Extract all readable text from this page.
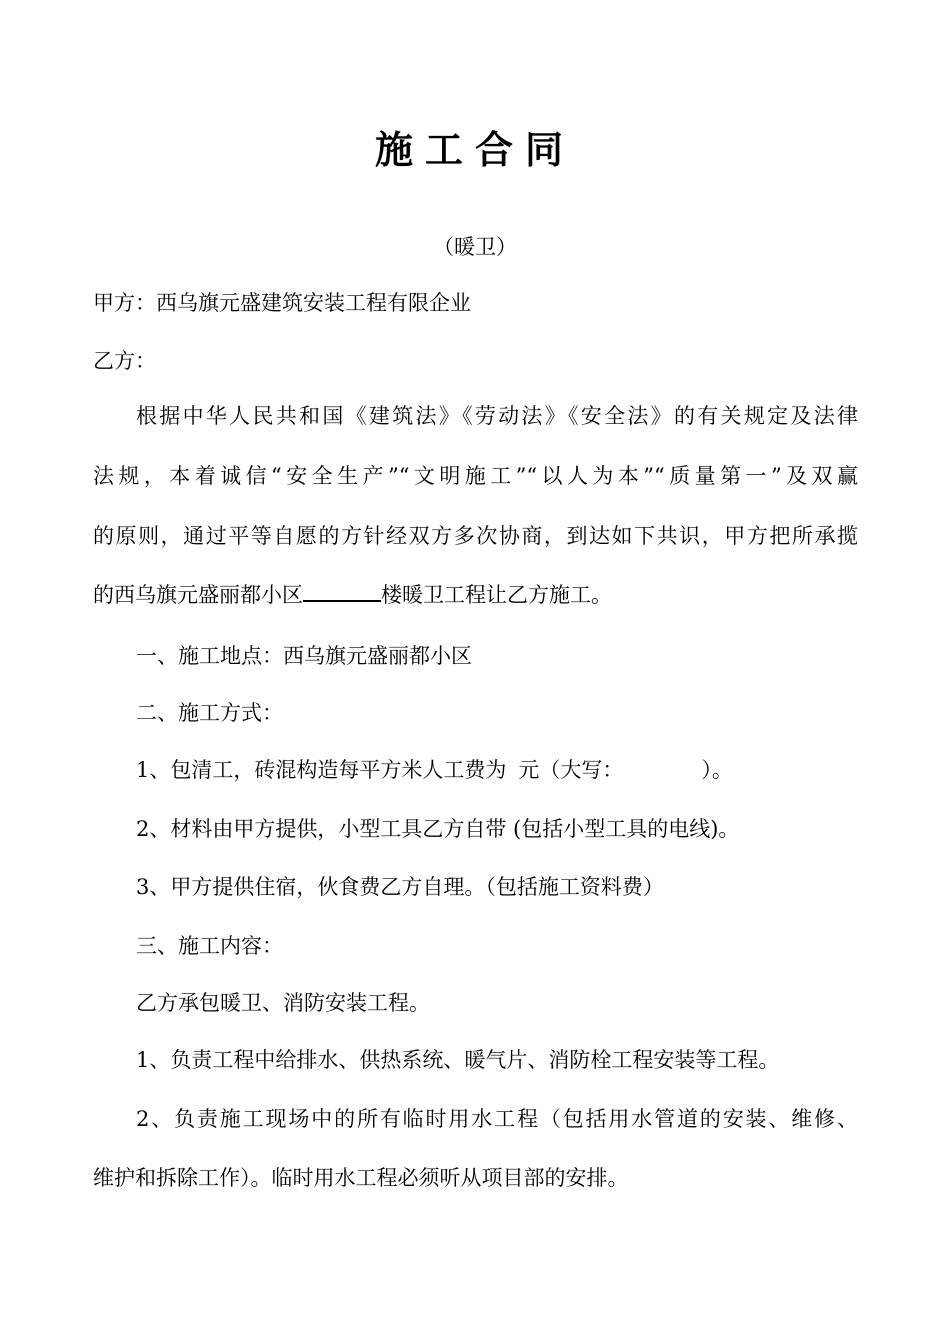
施工合同
（暖卫）
甲方：西乌旗元盛建筑安装工程有限企业
乙方：
根据中华人民共和国《建筑法》《劳动法》《安全法》的有关规定及法律
法规，本着诚信“安全生产”“文明施工”“以人为本”“质量第一”及双赢
的原则，通过平等自愿的方针经双方多次协商，到达如下共识，甲方把所承揽
的西乌旗元盛丽都小区	楼暖卫工程让乙方施工。
一、施工地点：西乌旗元盛丽都小区
二、施工方式：
1、包清工，砖混构造每平方米人工费为 元（大写：	）。
2、材料由甲方提供，小型工具乙方自带 (包括小型工具的电线)。
3、甲方提供住宿，伙食费乙方自理。（包括施工资料费）
三、施工内容：
乙方承包暖卫、消防安装工程。
1、负责工程中给排水、供热系统、暖气片、消防栓工程安装等工程。
2、负责施工现场中的所有临时用水工程（包括用水管道的安装、维修、
维护和拆除工作）。临时用水工程必须听从项目部的安排。
